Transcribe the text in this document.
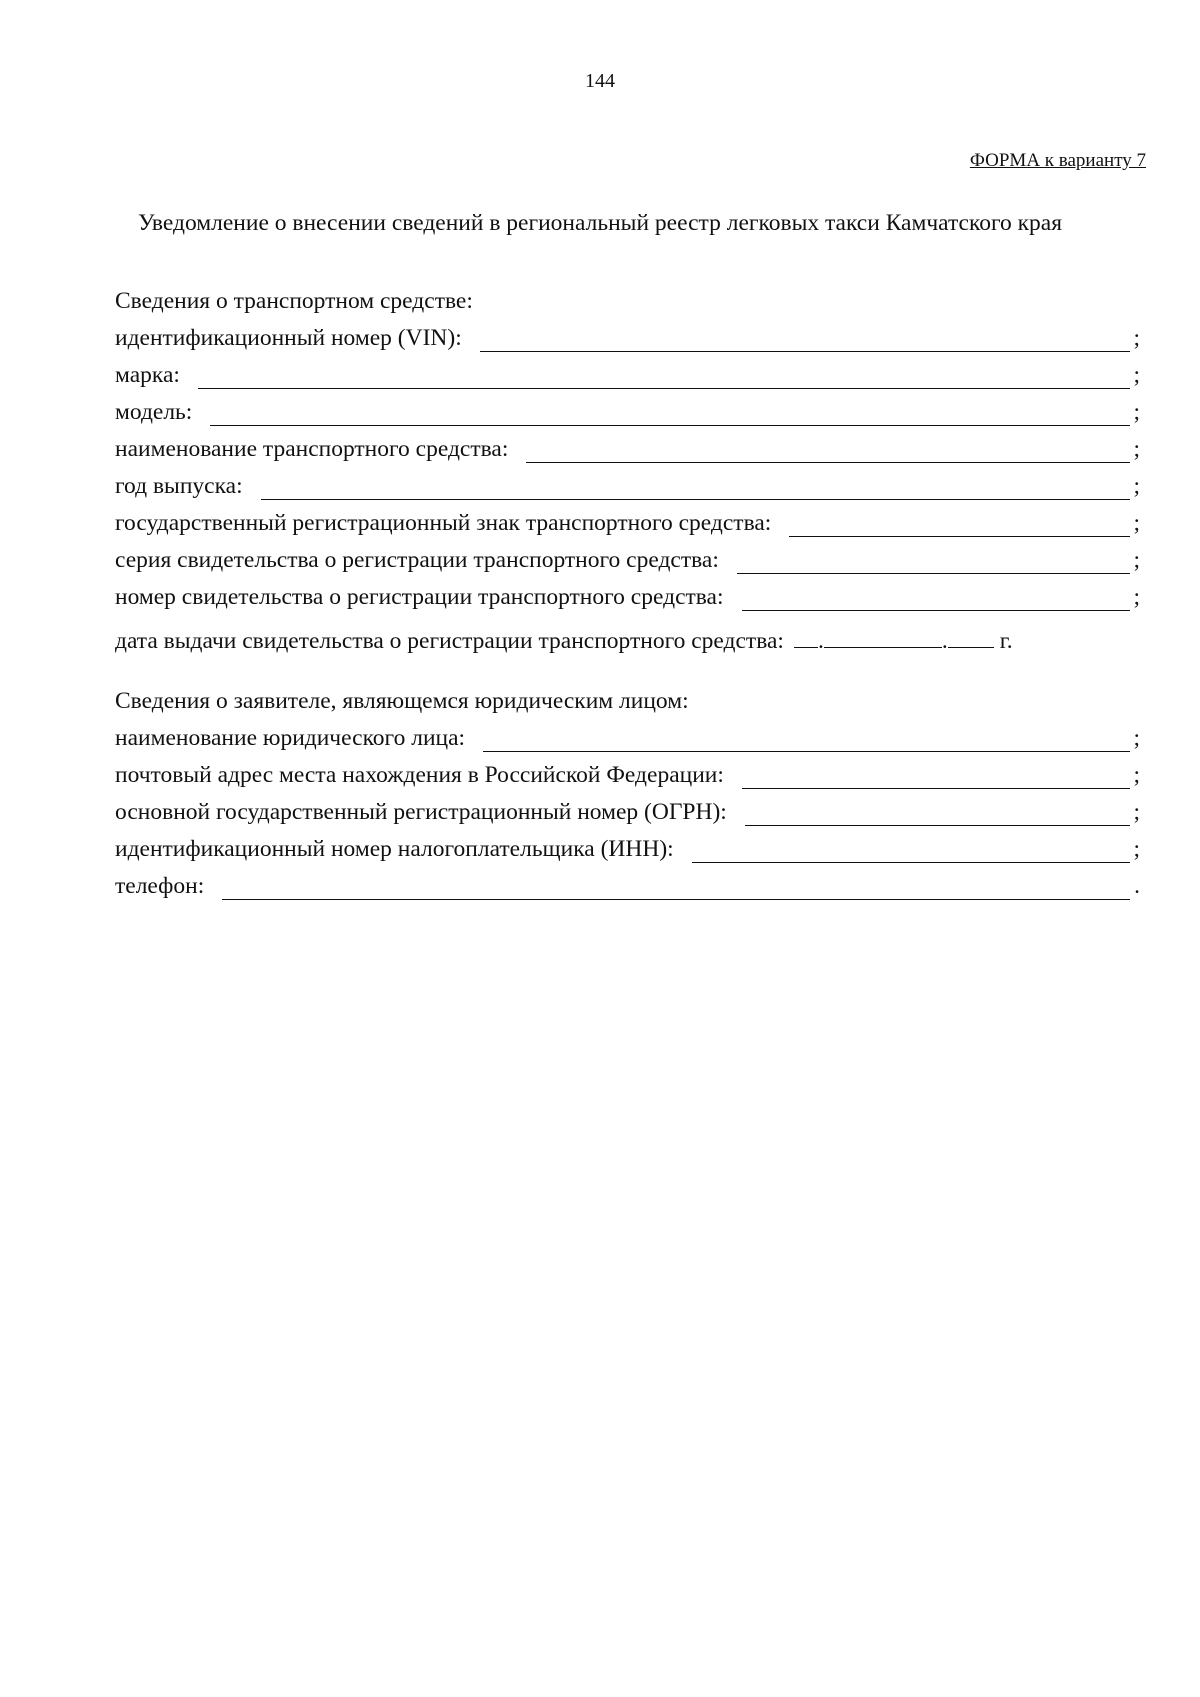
144
ФОРМА к варианту 7
Уведомление о внесении сведений в региональный реестр легковых такси Камчатского края
Сведения о транспортном средстве:
идентификационный номер (VIN):	;
марка:	;
модель:	;
наименование транспортного средства:	;
год выпуска:	;
государственный регистрационный знак транспортного средства:	;
серия свидетельства о регистрации транспортного средства:	;
номер свидетельства о регистрации транспортного средства:	;
дата выдачи свидетельства о регистрации транспортного средства: .	. г.
Сведения о заявителе, являющемся юридическим лицом:
наименование юридического лица:	;
почтовый адрес места нахождения в Российской Федерации:	;
основной государственный регистрационный номер (ОГРН):	;
идентификационный номер налогоплательщика (ИНН):	;
телефон:	.
